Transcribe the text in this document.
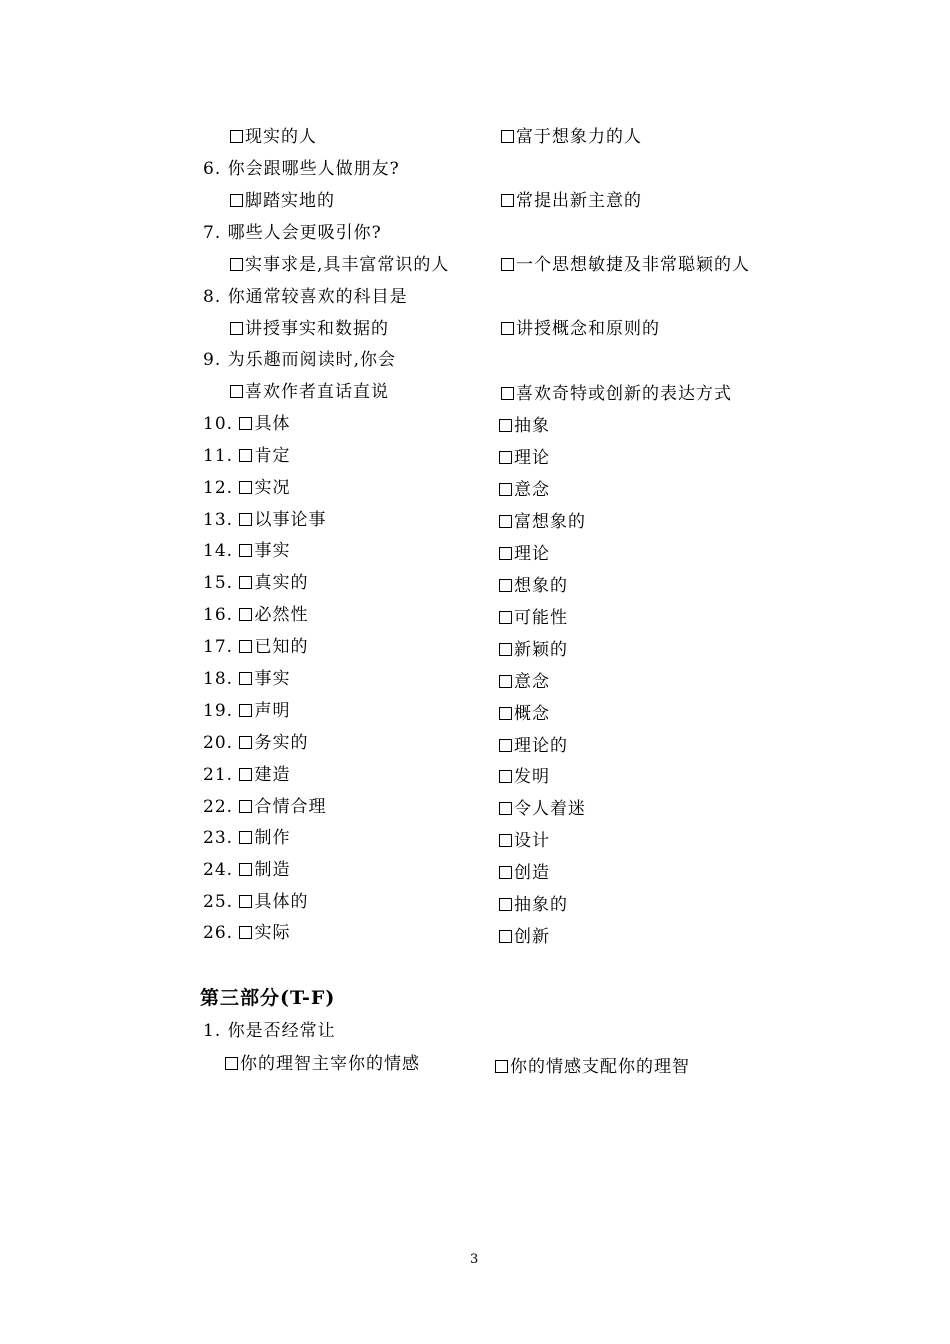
现实的人	富于想象力的人
6. 你会跟哪些人做朋友?
脚踏实地的	常提出新主意的
7. 哪些人会更吸引你?
实事求是,具丰富常识的人	一个思想敏捷及非常聪颖的人
8. 你通常较喜欢的科目是
讲授事实和数据的	讲授概念和原则的
9. 为乐趣而阅读时,你会
喜欢作者直话直说	喜欢奇特或创新的表达方式
10. 具体	抽象
11. 肯定	理论
12. 实况	意念
13. 以事论事	富想象的
14. 事实	理论
15. 真实的	想象的
16. 必然性	可能性
17. 已知的	新颖的
18. 事实	意念
19. 声明	概念
20. 务实的	理论的
21. 建造	发明
22. 合情合理	令人着迷
23. 制作	设计
24. 制造	创造
25. 具体的	抽象的
26. 实际	创新
第三部分(T-F)
1. 你是否经常让
你的理智主宰你的情感	你的情感支配你的理智
3
